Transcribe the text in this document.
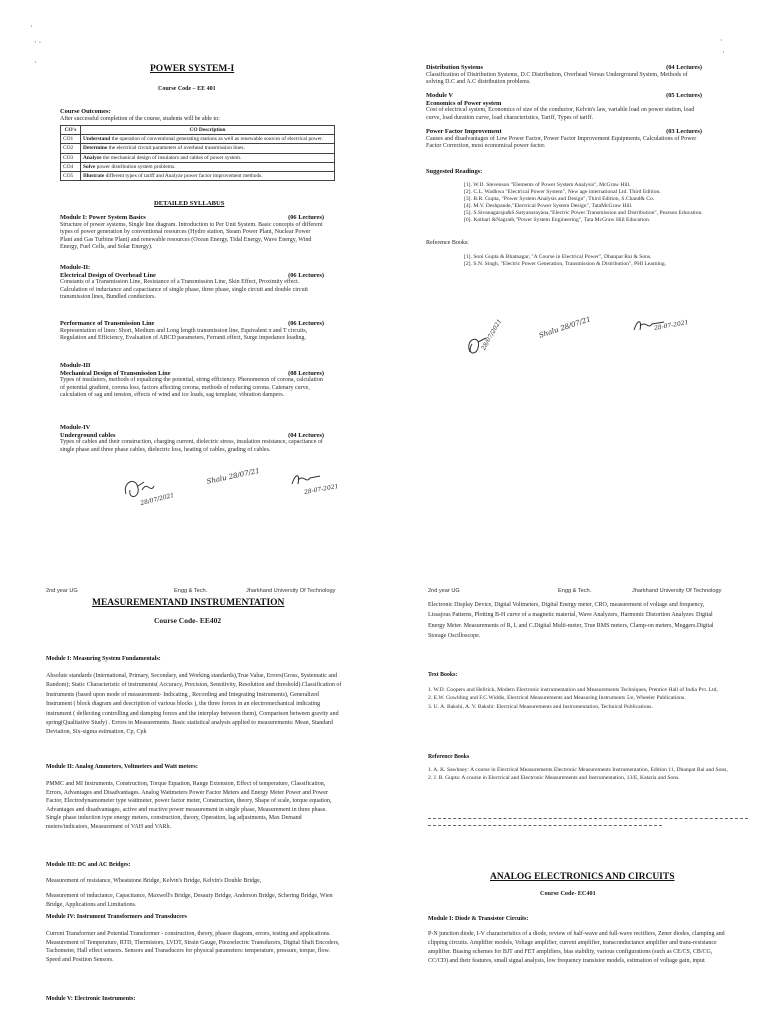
·
· ·
·
POWER SYSTEM-I
Course Code – EE 401
Course Outcomes:
After successful completion of the course, students will be able to:
CO's	CO Description
CO1	Understand the operation of conventional generating stations as well as renewable sources of electrical power.
CO2	Determine the electrical circuit parameters of overhead transmission lines.
CO3	Analyze the mechanical design of insulators and cables of power system.
CO4	Solve power distribution system problems.
CO5	Illustrate different types of tariff and Analyze power factor improvement methods.
DETAILED SYLLABUS
Module I: Power System Basics	(06 Lectures)

Structure of power systems, Single line diagram. Introduction to Per Unit System. Basic concepts of different types of power generation by conventional resources (Hydro station, Steam Power Plant, Nuclear Power Plant and Gas Turbine Plant) and renewable resources (Ocean Energy, Tidal Energy, Wave Energy, Wind Energy, Fuel Cells, and Solar Energy).

Module-II:
Electrical Design of Overhead Line	(06 Lectures)

Constants of a Transmission Line, Resistance of a Transmission Line, Skin Effect, Proximity effect. Calculation of inductance and capacitance of single phase, three phase, single circuit and double circuit transmission lines, Bundled conductors.

Performance of Transmission Line	(06 Lectures)

Representation of lines: Short, Medium and Long length transmission line, Equivalent π and T circuits, Regulation and Efficiency, Evaluation of ABCD parameters, Ferranti effect, Surge impedance loading.

Module-III
Mechanical Design of Transmission Line	(08 Lectures)

Types of insulators, methods of equalizing the potential, string efficiency. Phenomenon of corona, calculation of potential gradient, corona loss, factors affecting corona, methods of reducing corona. Catenary curve, calculation of sag and tension, effects of wind and ice loads, sag template, vibration dampers.

Module-IV
Underground cables	(04 Lectures)

Types of cables and their construction, charging current, dielectric stress, insulation resistance, capacitance of single phase and three phase cables, dielectric loss, heating of cables, grading of cables.

28/07/2021
Shalu 28/07/21
28-07-2021
·
·
Distribution Systems	(04 Lectures)

Classification of Distribution Systems, D.C Distribution, Overhead Versus Underground System, Methods of solving D.C and A.C distribution problems.

Module V	(05 Lectures)
Economics of Power system

Cost of electrical system, Economics of size of the conductor, Kelvin's law, variable load on power station, load curve, load duration curve, load characteristics, Tariff, Types of tariff.

Power Factor Improvement	(03 Lectures)

Causes and disadvantages of Low Power Factor, Power Factor Improvement Equipments, Calculations of Power Factor Correction, most economical power factor.

Suggested Readings:
[1]. W.D. Stevenson "Elements of Power System Analysis", McGraw Hill.
[2]. C.L. Wadhwa "Electrical Power System", New age international Ltd. Third Edition.
[3]. B.R. Gupta, "Power System Analysis and Design", Third Edition, S.Chand& Co.
[4]. M.V. Deshpande,"Electrical Power System Design", TataMcGraw Hill.
[5]. S.Sivanagaraju&S.Satyanarayana,"Electric Power Transmission and Distribution", Pearson Education.
[6]. Kothari &Nagrath,"Power System Engineering", Tata McGraw Hill Education.
Reference Books:
[1]. Soni Gupta & Bhatnagar, "A Course in Electrical Power", Dhanpat Rai & Sons.
[2]. S.N. Singh, "Electric Power Generation, Transmission & Distribution", PHI Learning.
28/07/2021	Shalu 28/07/21	28-07-2021
2nd year UG	Engg & Tech.	Jharkhand University Of Technology
MEASUREMENTAND INSTRUMENTATION
Course Code- EE402
Module I: Measuring System Fundamentals:
Absolute standards (International, Primary, Secondary, and Working standards),True Value, Errors(Gross, Systematic and Random); Static Characteristic of instruments( Accuracy, Precision, Sensitivity, Resolution and threshold).Classification of Instruments (based upon mode of measurement- Indicating , Recording and Integrating Instruments), Generalized Instrument ( block diagram and description of various blocks ), the three forces in an electromechanical indicating instrument ( deflecting controlling and damping forces and the interplay between them), Comparison between gravity and spring(Qualitative Study) . Errors in Measurements. Basic statistical analysis applied to measurements: Mean, Standard Deviation, Six-sigma estimation, Cp, Cpk
Module II: Analog Ammeters, Voltmeters and Watt meters:
PMMC and MI Instruments, Construction, Torque Equation, Range Extension, Effect of temperature, Classification, Errors, Advantages and Disadvantages. Analog Wattmeters Power Factor Meters and Energy Meter Power and Power Factor, Electrodynamometer type wattmeter, power factor meter, Construction, theory, Shape of scale, torque equation, Advantages and disadvantages, active and reactive power measurement in single phase, Measurement in three phase. Single phase induction type energy meters, construction, theory, Operation, lag adjustments, Max Demand meters/indicators, Measurement of VAH and VARh.
Module III: DC and AC Bridges:
Measurement of resistance, Wheatstone Bridge, Kelvin's Bridge, Kelvin's Double Bridge,
Measurement of inductance, Capacitance, Maxwell's Bridge, Desauty Bridge, Anderson Bridge, Schering Bridge, Wien Bridge, Applications and Limitations.
Module IV: Instrument Transformers and Transducers
Current Transformer and Potential Transformer - construction, theory, phasor diagram, errors, testing and applications. Measurement of Temperature, RTD, Thermistors, LVDT, Strain Gauge, Piezoelectric Transducers, Digital Shaft Encoders, Tachometer, Hall effect sensors. Sensors and Transducers for physical parameters: temperature, pressure, torque, flow. Speed and Position Sensors.
Module V: Electronic Instruments:
2nd year UG	Engg & Tech.	Jharkhand University Of Technology
Electronic Display Device, Digital Voltmeters, Digital Energy meter, CRO, measurement of voltage and frequency, Lissajous Patterns, Plotting B-H curve of a magnetic material, Wave Analyzers, Harmonic Distortion Analyzer. Digital Energy Meter. Measurements of R, L and C.Digital Multi-meter, True RMS meters, Clamp-on meters, Meggers.Digital Storage Oscilloscope.
Text Books:
1. W.D. Coopers and Hellrick, Modern Electronic instrumentation and Measurements Techniques, Prentice Hall of India Pvt. Ltd,
2. E.W. Gowlding and F.C.Widdis, Electrical Measurements and Measuring Instruments 5/e, Wheeler Publications.
3. U. A. Bakshi, A. V. Bakshi: Electrical Measurements and Instrumentation, Technical Publications.
Reference Books
1. A. K. Sawhney: A course in Electrical Measurements Electronic Measurements Instrumentation, Edition 11, Dhanpat Rai and Sons,
2. J. B. Gupta: A course in Electrical and Electronic Measurements and Instrumentation, 13/E, Kataria and Sons.
ANALOG ELECTRONICS AND CIRCUITS
Course Code- EC401
Module I: Diode & Transistor Circuits:
P-N junction diode, I-V characteristics of a diode, review of half-wave and full-wave rectifiers, Zener diodes, clamping and clipping circuits. Amplifier models, Voltage amplifier, current amplifier, transconductance amplifier and trans-resistance amplifier. Biasing schemes for BJT and FET amplifiers, bias stability, various configurations (such as CE/CS, CB/CG, CC/CD) and their features, small signal analysis, low frequency transistor models, estimation of voltage gain, input
